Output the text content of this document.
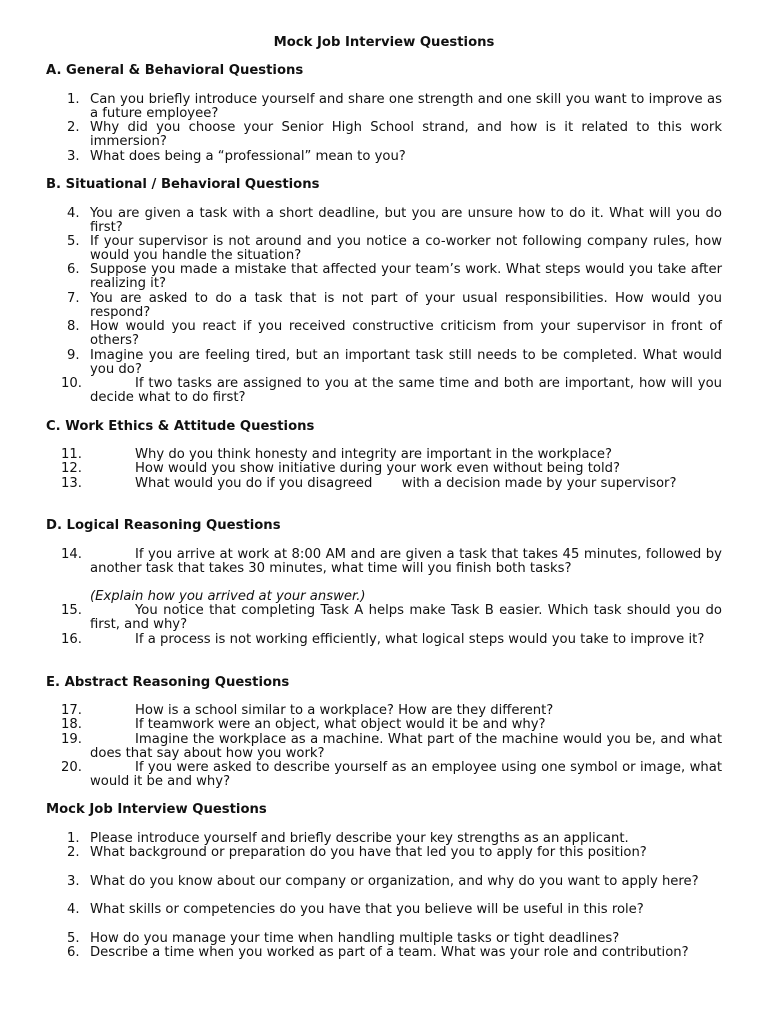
Mock Job Interview Questions
A. General & Behavioral Questions
1. Can you briefly introduce yourself and share one strength and one skill you want to improve as a future employee?
2. Why did you choose your Senior High School strand, and how is it related to this work immersion?
3. What does being a “professional” mean to you?
B. Situational / Behavioral Questions
4. You are given a task with a short deadline, but you are unsure how to do it. What will you do first?
5. If your supervisor is not around and you notice a co-worker not following company rules, how would you handle the situation?
6. Suppose you made a mistake that affected your team’s work. What steps would you take after realizing it?
7. You are asked to do a task that is not part of your usual responsibilities. How would you respond?
8. How would you react if you received constructive criticism from your supervisor in front of others?
9. Imagine you are feeling tired, but an important task still needs to be completed. What would you do?
10.	If two tasks are assigned to you at the same time and both are important, how will you decide what to do first?
C. Work Ethics & Attitude Questions
11.	Why do you think honesty and integrity are important in the workplace?
12.	How would you show initiative during your work even without being told?
13.	What would you do if you disagreed       with a decision made by your supervisor?
D. Logical Reasoning Questions
14.	If you arrive at work at 8:00 AM and are given a task that takes 45 minutes, followed by another task that takes 30 minutes, what time will you finish both tasks?
(Explain how you arrived at your answer.)
15.	You notice that completing Task A helps make Task B easier. Which task should you do first, and why?
16.	If a process is not working efficiently, what logical steps would you take to improve it?
E. Abstract Reasoning Questions
17.	How is a school similar to a workplace? How are they different?
18.	If teamwork were an object, what object would it be and why?
19.	Imagine the workplace as a machine. What part of the machine would you be, and what does that say about how you work?
20.	If you were asked to describe yourself as an employee using one symbol or image, what would it be and why?
Mock Job Interview Questions
1. Please introduce yourself and briefly describe your key strengths as an applicant.
2. What background or preparation do you have that led you to apply for this position?
3. What do you know about our company or organization, and why do you want to apply here?
4. What skills or competencies do you have that you believe will be useful in this role?
5. How do you manage your time when handling multiple tasks or tight deadlines?
6. Describe a time when you worked as part of a team. What was your role and contribution?
